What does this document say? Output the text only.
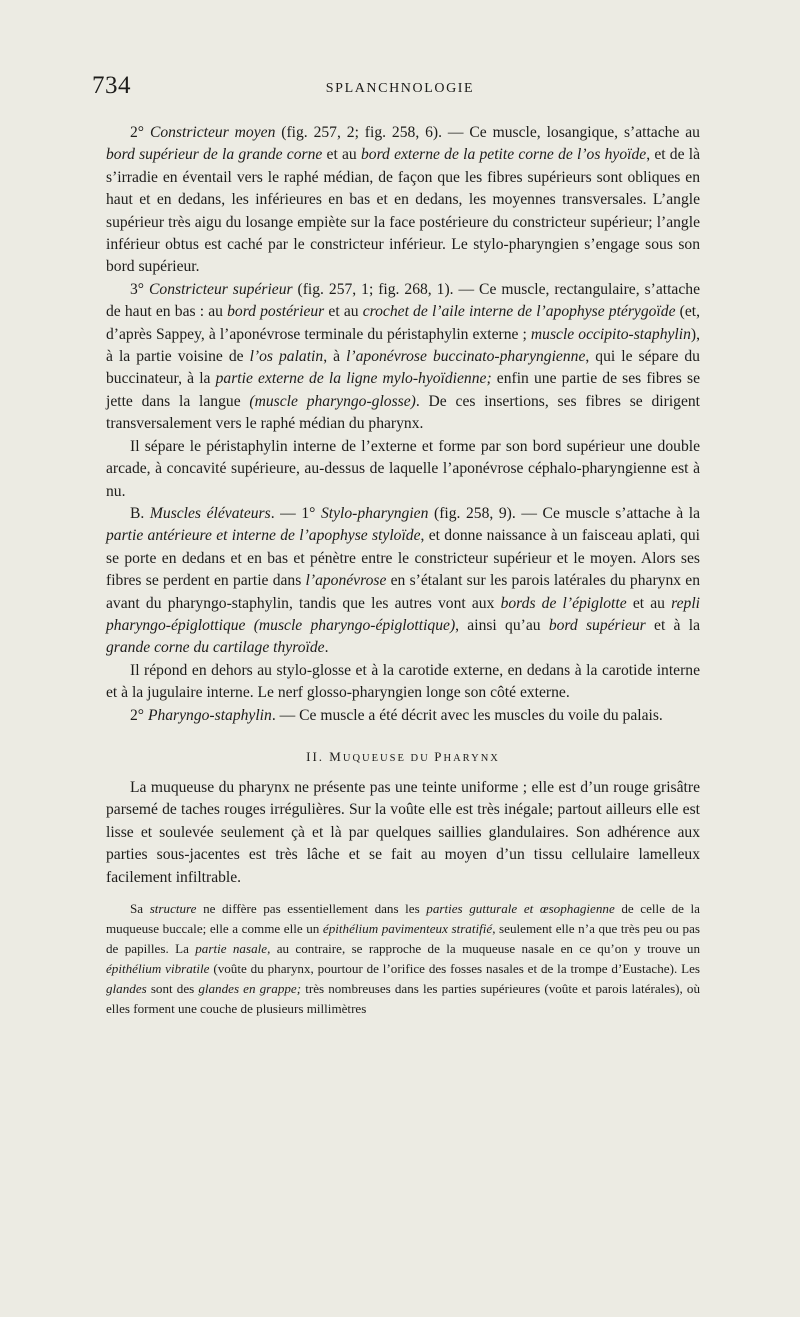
734	SPLANCHNOLOGIE

2° Constricteur moyen (fig. 257, 2; fig. 258, 6). — Ce muscle, losangique, s’attache au bord supérieur de la grande corne et au bord externe de la petite corne de l’os hyoïde, et de là s’irradie en éventail vers le raphé médian, de façon que les fibres supérieurs sont obliques en haut et en dedans, les inférieures en bas et en dedans, les moyennes transversales. L’angle supérieur très aigu du losange empiète sur la face postérieure du constricteur supérieur; l’angle inférieur obtus est caché par le constricteur inférieur. Le stylo-pharyngien s’engage sous son bord supérieur.

3° Constricteur supérieur (fig. 257, 1; fig. 268, 1). — Ce muscle, rectangulaire, s’attache de haut en bas : au bord postérieur et au crochet de l’aile interne de l’apophyse ptérygoïde (et, d’après Sappey, à l’aponévrose terminale du péristaphylin externe ; muscle occipito-staphylin), à la partie voisine de l’os palatin, à l’aponévrose buccinato-pharyngienne, qui le sépare du buccinateur, à la partie externe de la ligne mylo-hyoïdienne; enfin une partie de ses fibres se jette dans la langue (muscle pharyngo-glosse). De ces insertions, ses fibres se dirigent transversalement vers le raphé médian du pharynx.

Il sépare le péristaphylin interne de l’externe et forme par son bord supérieur une double arcade, à concavité supérieure, au-dessus de laquelle l’aponévrose céphalo-pharyngienne est à nu.

B. Muscles élévateurs. — 1° Stylo-pharyngien (fig. 258, 9). — Ce muscle s’attache à la partie antérieure et interne de l’apophyse styloïde, et donne naissance à un faisceau aplati, qui se porte en dedans et en bas et pénètre entre le constricteur supérieur et le moyen. Alors ses fibres se perdent en partie dans l’aponévrose en s’étalant sur les parois latérales du pharynx en avant du pharyngo-staphylin, tandis que les autres vont aux bords de l’épiglotte et au repli pharyngo-épiglottique (muscle pharyngo-épiglottique), ainsi qu’au bord supérieur et à la grande corne du cartilage thyroïde.

Il répond en dehors au stylo-glosse et à la carotide externe, en dedans à la carotide interne et à la jugulaire interne. Le nerf glosso-pharyngien longe son côté externe.

2° Pharyngo-staphylin. — Ce muscle a été décrit avec les muscles du voile du palais.

II. MUQUEUSE DU PHARYNX

La muqueuse du pharynx ne présente pas une teinte uniforme ; elle est d’un rouge grisâtre parsemé de taches rouges irrégulières. Sur la voûte elle est très inégale; partout ailleurs elle est lisse et soulevée seulement çà et là par quelques saillies glandulaires. Son adhérence aux parties sous-jacentes est très lâche et se fait au moyen d’un tissu cellulaire lamelleux facilement infiltrable.

Sa structure ne diffère pas essentiellement dans les parties gutturale et œsophagienne de celle de la muqueuse buccale; elle a comme elle un épithélium pavimenteux stratifié, seulement elle n’a que très peu ou pas de papilles. La partie nasale, au contraire, se rapproche de la muqueuse nasale en ce qu’on y trouve un épithélium vibratile (voûte du pharynx, pourtour de l’orifice des fosses nasales et de la trompe d’Eustache). Les glandes sont des glandes en grappe; très nombreuses dans les parties supérieures (voûte et parois latérales), où elles forment une couche de plusieurs millimètres
